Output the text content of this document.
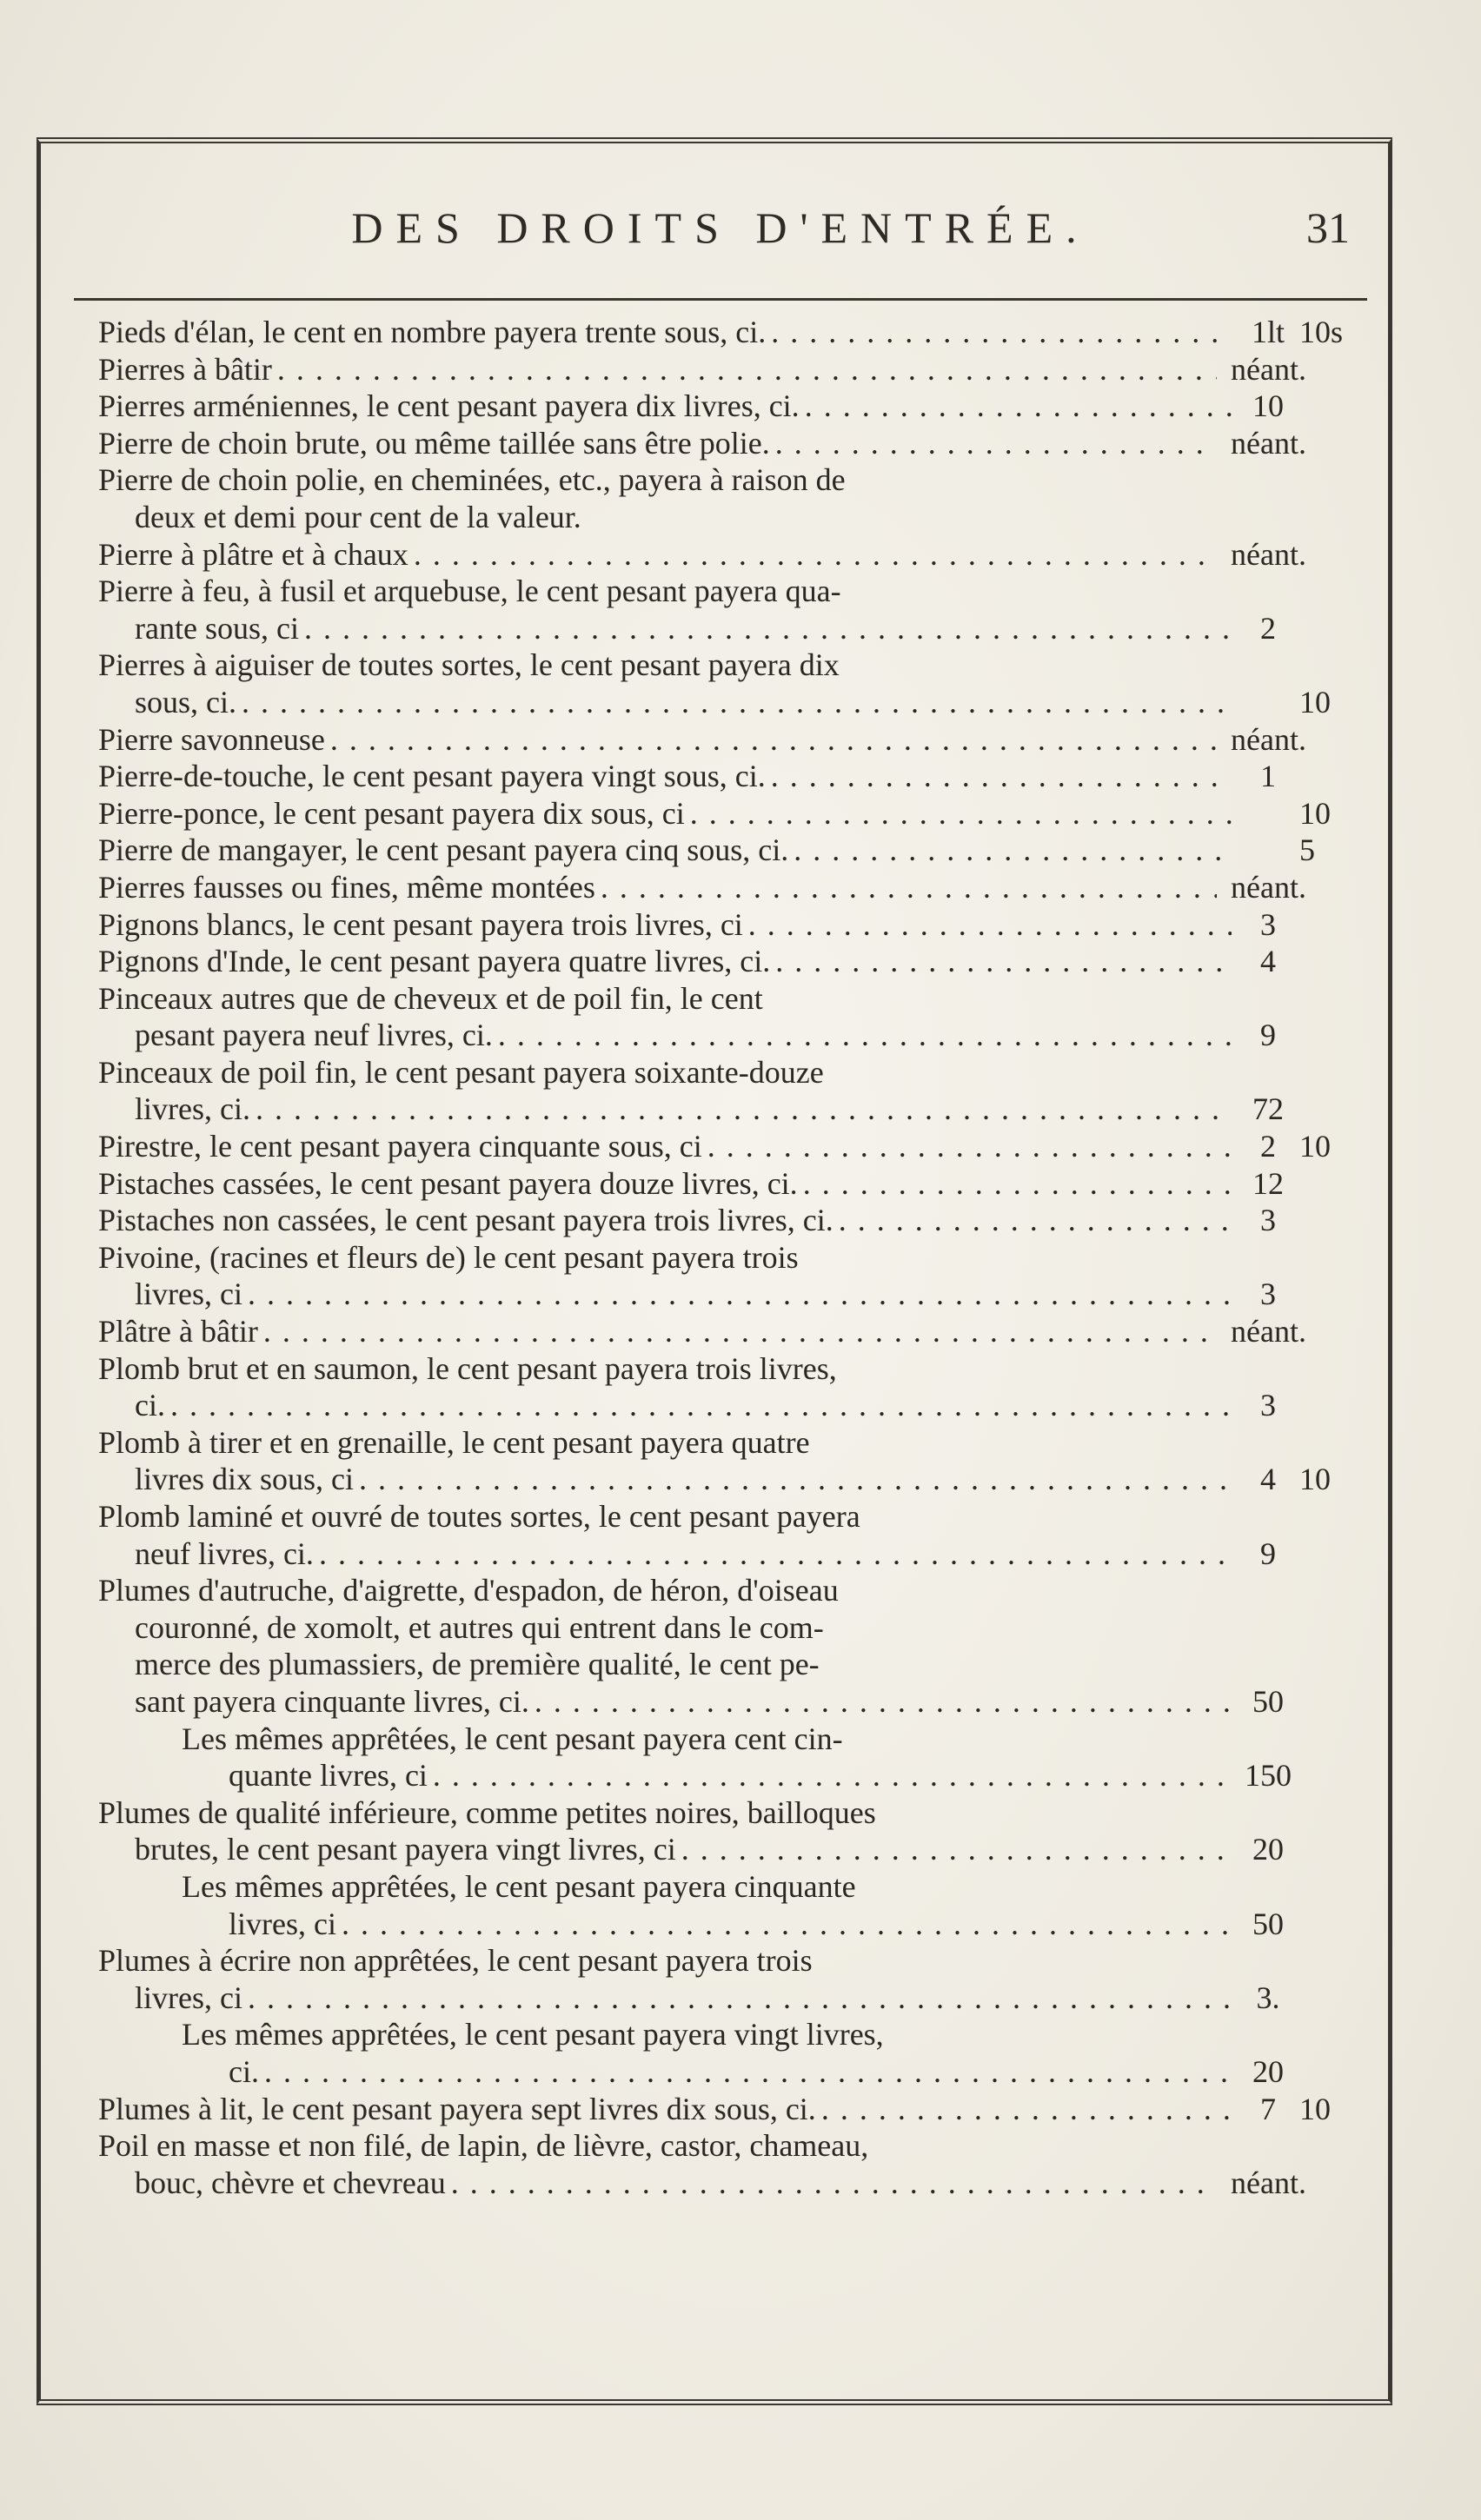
DES DROITS D'ENTRÉE.	31
Pieds d'élan, le cent en nombre payera trente sous, ci. . . .	1lt 10s
Pierres à bâtir . . .	néant.
Pierres arméniennes, le cent pesant payera dix livres, ci. . . .	10
Pierre de choin brute, ou même taillée sans être polie. . . .	néant.
Pierre de choin polie, en cheminées, etc., payera à raison de
deux et demi pour cent de la valeur.
Pierre à plâtre et à chaux . . .	néant.
Pierre à feu, à fusil et arquebuse, le cent pesant payera qua-
rante sous, ci . . .	2
Pierres à aiguiser de toutes sortes, le cent pesant payera dix
sous, ci. . . .	10
Pierre savonneuse . . .	néant.
Pierre-de-touche, le cent pesant payera vingt sous, ci. . . .	1
Pierre-ponce, le cent pesant payera dix sous, ci . . .	10
Pierre de mangayer, le cent pesant payera cinq sous, ci. . . .	5
Pierres fausses ou fines, même montées . . .	néant.
Pignons blancs, le cent pesant payera trois livres, ci . . .	3
Pignons d'Inde, le cent pesant payera quatre livres, ci. . . .	4
Pinceaux autres que de cheveux et de poil fin, le cent
pesant payera neuf livres, ci. . . .	9
Pinceaux de poil fin, le cent pesant payera soixante-douze
livres, ci. . . .	72
Pirestre, le cent pesant payera cinquante sous, ci . . .	2 10
Pistaches cassées, le cent pesant payera douze livres, ci. . . .	12
Pistaches non cassées, le cent pesant payera trois livres, ci. . . .	3
Pivoine, (racines et fleurs de) le cent pesant payera trois
livres, ci . . .	3
Plâtre à bâtir . . .	néant.
Plomb brut et en saumon, le cent pesant payera trois livres,
ci. . . .	3
Plomb à tirer et en grenaille, le cent pesant payera quatre
livres dix sous, ci . . .	4 10
Plomb laminé et ouvré de toutes sortes, le cent pesant payera
neuf livres, ci. . . .	9
Plumes d'autruche, d'aigrette, d'espadon, de héron, d'oiseau
couronné, de xomolt, et autres qui entrent dans le com-
merce des plumassiers, de première qualité, le cent pe-
sant payera cinquante livres, ci. . . .	50
Les mêmes apprêtées, le cent pesant payera cent cin-
quante livres, ci . . .	150
Plumes de qualité inférieure, comme petites noires, bailloques
brutes, le cent pesant payera vingt livres, ci . . .	20
Les mêmes apprêtées, le cent pesant payera cinquante
livres, ci . . .	50
Plumes à écrire non apprêtées, le cent pesant payera trois
livres, ci . . .	3.
Les mêmes apprêtées, le cent pesant payera vingt livres,
ci. . . .	20
Plumes à lit, le cent pesant payera sept livres dix sous, ci. . . .	7 10
Poil en masse et non filé, de lapin, de lièvre, castor, chameau,
bouc, chèvre et chevreau . . .	néant.
